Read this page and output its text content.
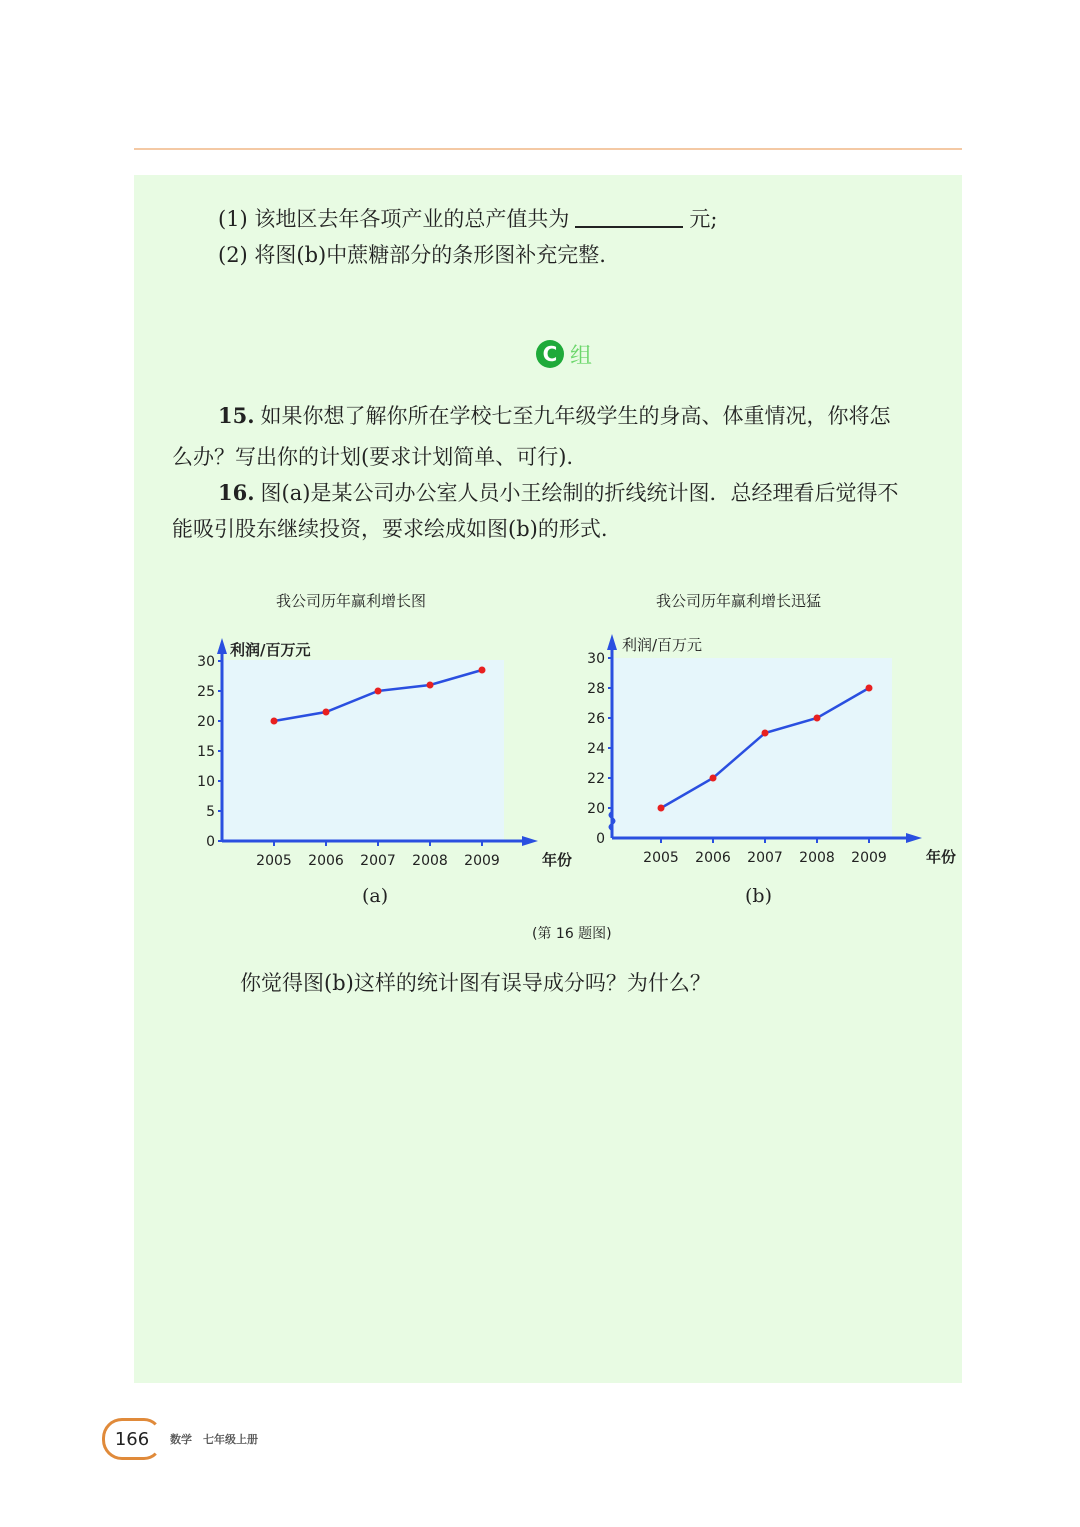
(1) 该地区去年各项产业的总产值共为	元;
(2) 将图(b)中蔗糖部分的条形图补充完整.
C 组
15. 如果你想了解你所在学校七至九年级学生的身高、体重情况，你将怎
么办？写出你的计划(要求计划简单、可行).
16. 图(a)是某公司办公室人员小王绘制的折线统计图．总经理看后觉得不
能吸引股东继续投资，要求绘成如图(b)的形式.
我公司历年赢利增长图	我公司历年赢利增长迅猛
利润/百万元
年份
0
5
10
15
20
25
30
2005 2006 2007 2008 2009
利润/百万元
年份
20
22
24
26
28
30
0
2005 2006 2007 2008 2009
(a)	(b)
(第 16 题图)
你觉得图(b)这样的统计图有误导成分吗？为什么？
166	数学　七年级上册
